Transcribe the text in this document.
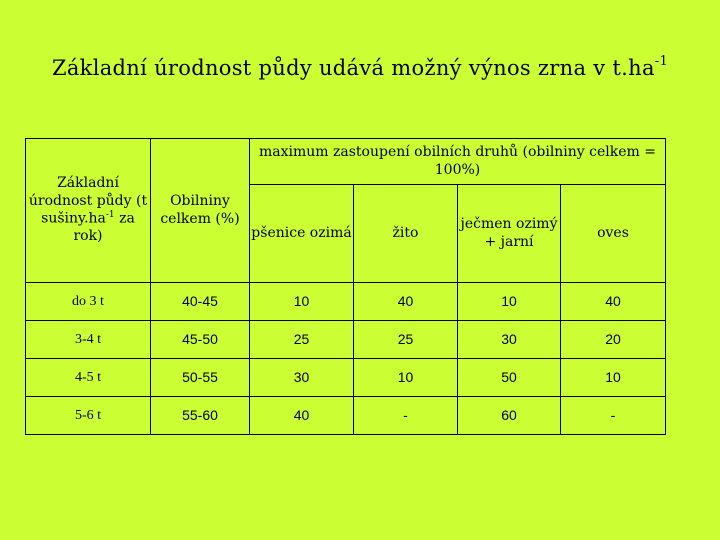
Základní úrodnost půdy udává možný výnos zrna v $t.ha^{-1}$
Základní úrodnost půdy (t $sušiny.ha^{-1}$ za rok)	Obilniny celkem (%)	maximum zastoupení obilních druhů (obilniny celkem = 100%)			
		pšenice ozimá	žito	ječmen ozimý + jarní	oves
do 3 t	40-45	10	40	10	40
3-4 t	45-50	25	25	30	20
4-5 t	50-55	30	10	50	10
5-6 t	55-60	40	-	60	-
